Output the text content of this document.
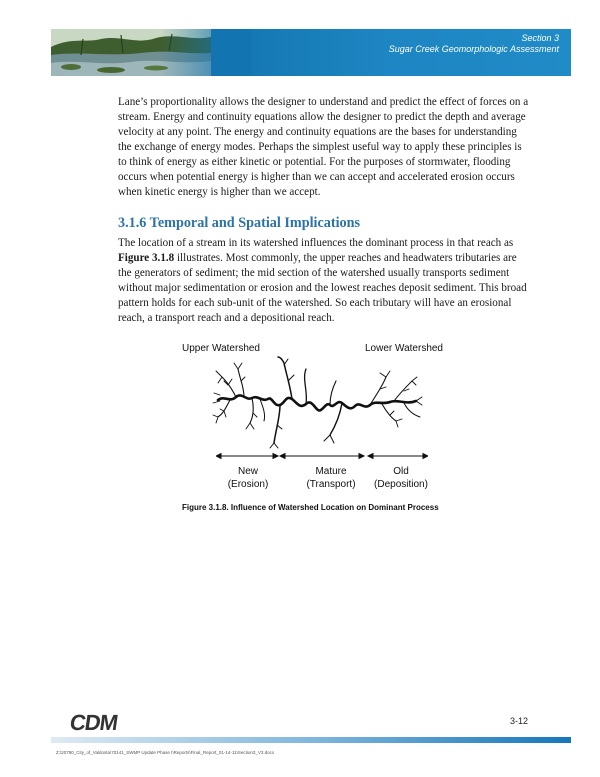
Section 3
Sugar Creek Geomorphologic Assessment

Lane’s proportionality allows the designer to understand and predict the effect of forces on a stream. Energy and continuity equations allow the designer to predict the depth and average velocity at any point. The energy and continuity equations are the bases for understanding the exchange of energy modes. Perhaps the simplest useful way to apply these principles is to think of energy as either kinetic or potential. For the purposes of stormwater, flooding occurs when potential energy is higher than we can accept and accelerated erosion occurs when kinetic energy is higher than we accept.

3.1.6 Temporal and Spatial Implications

The location of a stream in its watershed influences the dominant process in that reach as Figure 3.1.8 illustrates. Most commonly, the upper reaches and headwaters tributaries are the generators of sediment; the mid section of the watershed usually transports sediment without major sedimentation or erosion and the lowest reaches deposit sediment. This broad pattern holds for each sub-unit of the watershed. So each tributary will have an erosional reach, a transport reach and a depositional reach.

Upper Watershed	Lower Watershed
New
(Erosion)
Mature
(Transport)
Old
(Deposition)
Figure 3.1.8. Influence of Watershed Location on Dominant Process
CDM	3-12
Z:\20790_City_of_Valdosta\70141_SWMP Update Phase I\Reports\Final_Report_01-14-11\Section3_V3.docx
